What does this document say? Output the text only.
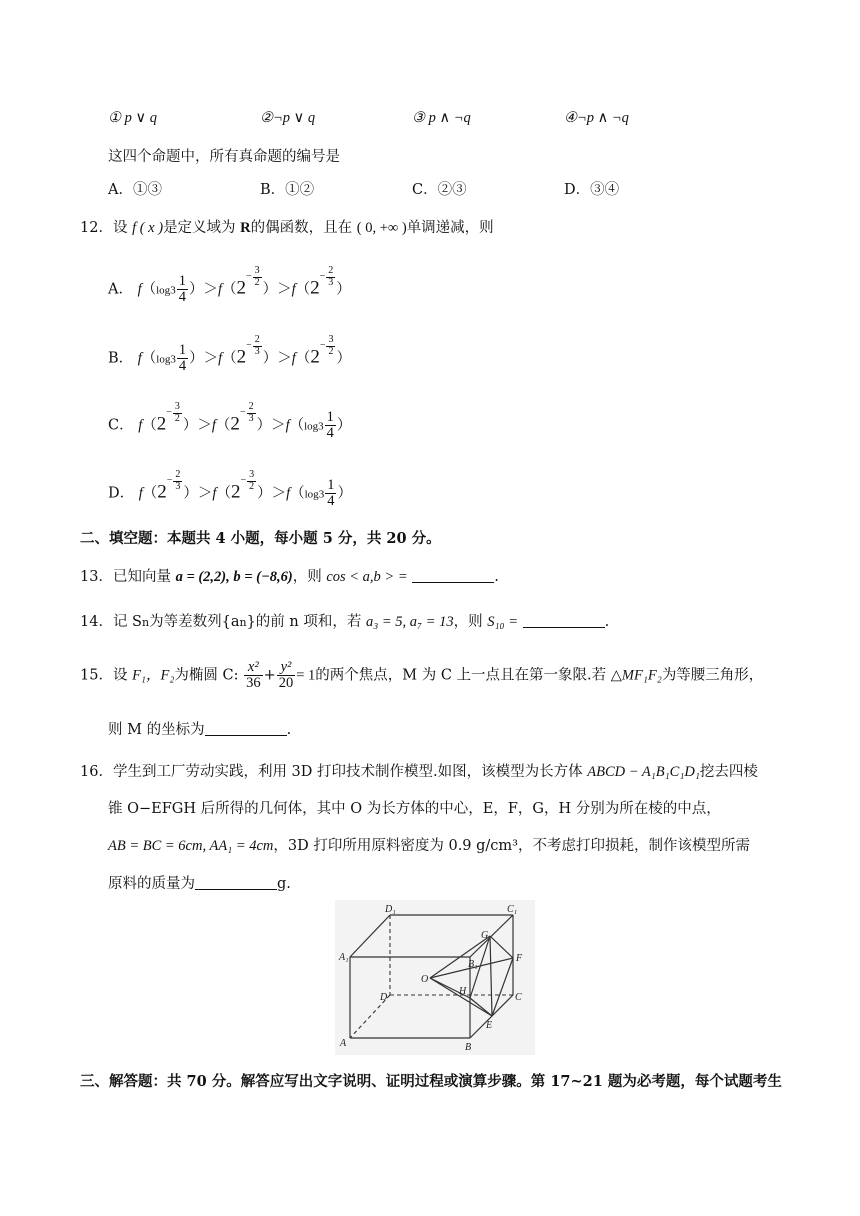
① p ∨ q	②¬p ∨ q	③ p ∧ ¬q	④¬p ∧ ¬q
这四个命题中，所有真命题的编号是
A．①③	B．①②	C．②③	D．③④
12．设 f ( x )是定义域为 R的偶函数，且在 ( 0, +∞ )单调递减，则
A． $f(\log 3 \frac{1}{4} )>f(2^{- \frac{3}{2}}$
）$>f(2^{- \frac{2}{3}}$
）
B． $f(\log 3 \frac{1}{4} )>f(2^{- \frac{2}{3}}$
）$>f(2^{- \frac{3}{2}}$
）
C． $f(2^{- \frac{3}{2}}$
）$>f(2^{- \frac{2}{3}}$
）$>f(\log 3 \frac{1}{4}$ ）
D． $f(2^{- \frac{2}{3}}$
）$>f(2^{- \frac{3}{2}}$
）$>f(\log 3 \frac{1}{4}$ ）
二、填空题：本题共 4 小题，每小题 5 分，共 20 分。
13．已知向量 a = (2,2), b = (−8,6)，则 cos < a,b > =	.
14．记 Sn为等差数列{an}的前 n 项和，若 a₃ = 5, a₇ = 13，则 S₁₀ =	.
15．设 F₁，F₂为椭圆 C: $\frac{\text{x²}}{36} + \frac{\text{y²}}{20} = 1$的两个焦点，M 为 C 上一点且在第一象限.若 △MF₁F₂为等腰三角形，
则 M 的坐标为	.
16．学生到工厂劳动实践，利用 3D 打印技术制作模型.如图，该模型为长方体 ABCD − A₁B₁C₁D₁挖去四棱
锥 O−EFGH 后所得的几何体，其中 O 为长方体的中心，E，F，G，H 分别为所在棱的中点，
AB = BC = 6cm, AA₁ = 4cm，3D 打印所用原料密度为 0.9 g/cm³，不考虑打印损耗，制作该模型所需
原料的质量为	g.
D₁	C₁
A₁
G
B₁
F
O
H
D	C
E
A	B
三、解答题：共 70 分。解答应写出文字说明、证明过程或演算步骤。第 17~21 题为必考题，每个试题考生
